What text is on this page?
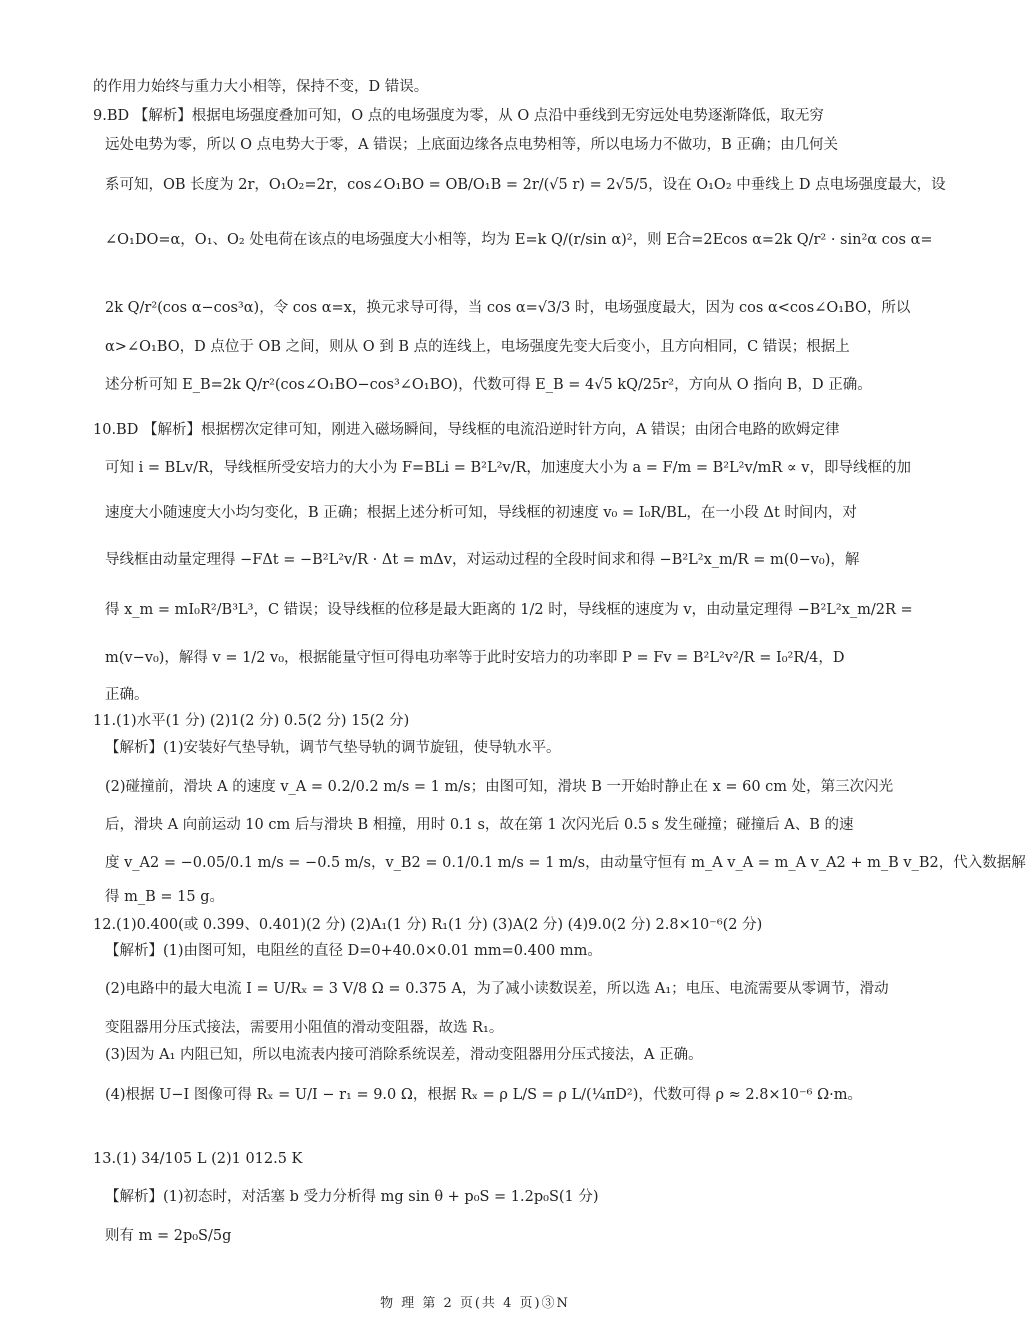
的作用力始终与重力大小相等，保持不变，D 错误。
9.BD 【解析】根据电场强度叠加可知，O 点的电场强度为零，从 O 点沿中垂线到无穷远处电势逐渐降低，取无穷
远处电势为零，所以 O 点电势大于零，A 错误；上底面边缘各点电势相等，所以电场力不做功，B 正确；由几何关
系可知，OB 长度为 2r，O₁O₂=2r，cos∠O₁BO = OB/O₁B = 2r/(√5 r) = 2√5/5，设在 O₁O₂ 中垂线上 D 点电场强度最大，设
∠O₁DO=α，O₁、O₂ 处电荷在该点的电场强度大小相等，均为 E=k Q/(r/sin α)²，则 E合=2Ecos α=2k Q/r² · sin²α cos α=
2k Q/r²(cos α−cos³α)，令 cos α=x，换元求导可得，当 cos α=√3/3 时，电场强度最大，因为 cos α<cos∠O₁BO，所以
α>∠O₁BO，D 点位于 OB 之间，则从 O 到 B 点的连线上，电场强度先变大后变小，且方向相同，C 错误；根据上
述分析可知 E_B=2k Q/r²(cos∠O₁BO−cos³∠O₁BO)，代数可得 E_B = 4√5 kQ/25r²，方向从 O 指向 B，D 正确。
10.BD 【解析】根据楞次定律可知，刚进入磁场瞬间，导线框的电流沿逆时针方向，A 错误；由闭合电路的欧姆定律
可知 i = BLv/R，导线框所受安培力的大小为 F=BLi = B²L²v/R，加速度大小为 a = F/m = B²L²v/mR ∝ v，即导线框的加
速度大小随速度大小均匀变化，B 正确；根据上述分析可知，导线框的初速度 v₀ = I₀R/BL，在一小段 Δt 时间内，对
导线框由动量定理得 −FΔt = −B²L²v/R · Δt = mΔv，对运动过程的全段时间求和得 −B²L²x_m/R = m(0−v₀)，解
得 x_m = mI₀R²/B³L³，C 错误；设导线框的位移是最大距离的 1/2 时，导线框的速度为 v，由动量定理得 −B²L²x_m/2R =
m(v−v₀)，解得 v = 1/2 v₀，根据能量守恒可得电功率等于此时安培力的功率即 P = Fv = B²L²v²/R = I₀²R/4，D
正确。
11.(1)水平(1 分) (2)1(2 分) 0.5(2 分) 15(2 分)
【解析】(1)安装好气垫导轨，调节气垫导轨的调节旋钮，使导轨水平。
(2)碰撞前，滑块 A 的速度 v_A = 0.2/0.2 m/s = 1 m/s；由图可知，滑块 B 一开始时静止在 x = 60 cm 处，第三次闪光
后，滑块 A 向前运动 10 cm 后与滑块 B 相撞，用时 0.1 s，故在第 1 次闪光后 0.5 s 发生碰撞；碰撞后 A、B 的速
度 v_A2 = −0.05/0.1 m/s = −0.5 m/s，v_B2 = 0.1/0.1 m/s = 1 m/s，由动量守恒有 m_A v_A = m_A v_A2 + m_B v_B2，代入数据解
得 m_B = 15 g。
12.(1)0.400(或 0.399、0.401)(2 分) (2)A₁(1 分) R₁(1 分) (3)A(2 分) (4)9.0(2 分) 2.8×10⁻⁶(2 分)
【解析】(1)由图可知，电阻丝的直径 D=0+40.0×0.01 mm=0.400 mm。
(2)电路中的最大电流 I = U/Rₓ = 3 V/8 Ω = 0.375 A，为了减小读数误差，所以选 A₁；电压、电流需要从零调节，滑动
变阻器用分压式接法，需要用小阻值的滑动变阻器，故选 R₁。
(3)因为 A₁ 内阻已知，所以电流表内接可消除系统误差，滑动变阻器用分压式接法，A 正确。
(4)根据 U−I 图像可得 Rₓ = U/I − r₁ = 9.0 Ω，根据 Rₓ = ρ L/S = ρ L/(¼πD²)，代数可得 ρ ≈ 2.8×10⁻⁶ Ω·m。
13.(1) 34/105 L (2)1 012.5 K
【解析】(1)初态时，对活塞 b 受力分析得 mg sin θ + p₀S = 1.2p₀S(1 分)
则有 m = 2p₀S/5g
物 理 第 2 页(共 4 页)③N
